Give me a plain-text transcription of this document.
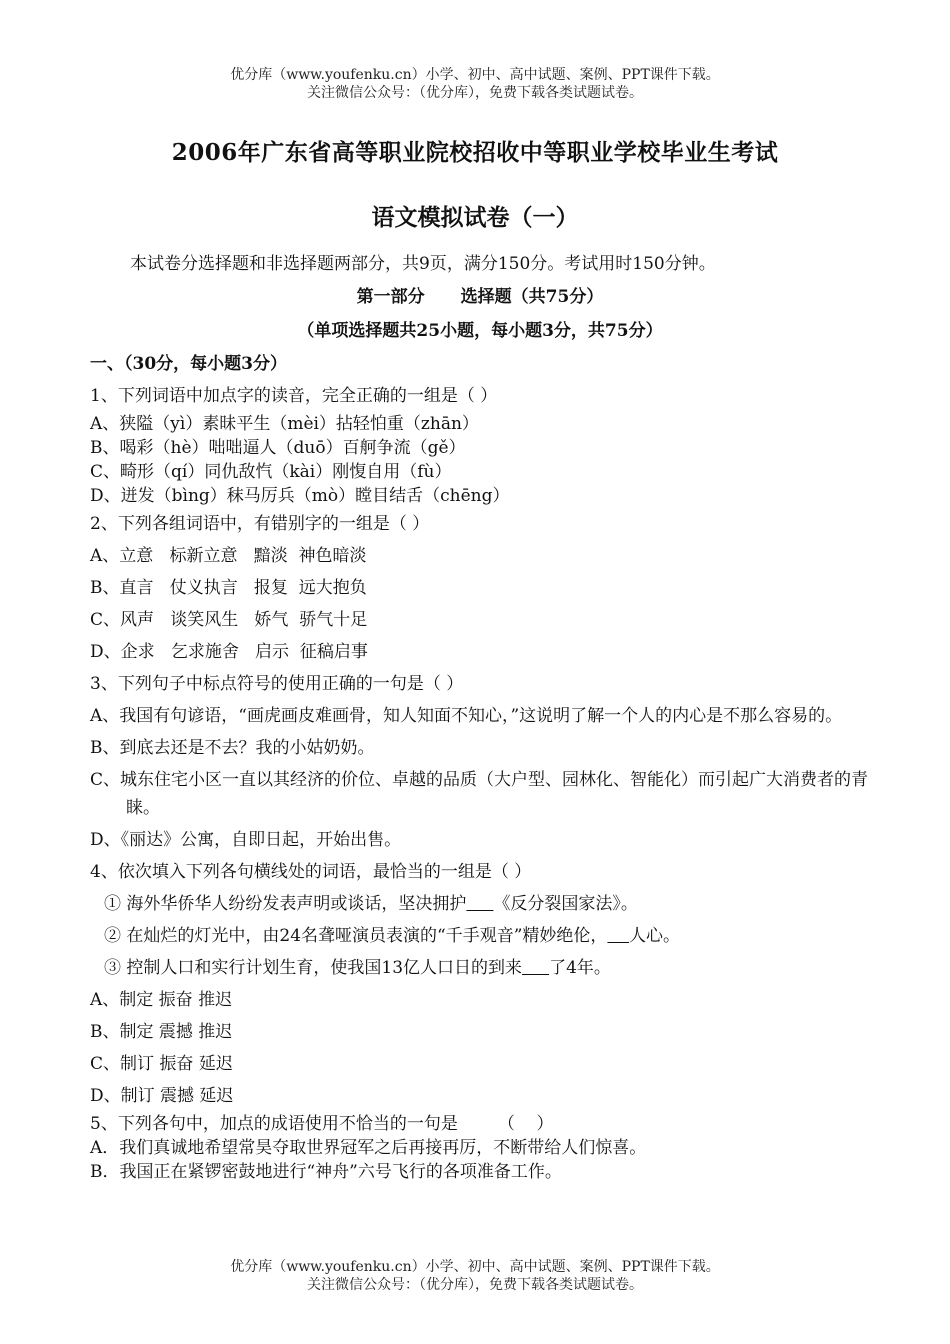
优分库（www.youfenku.cn）小学、初中、高中试题、案例、PPT课件下载。
关注微信公众号：（优分库），免费下载各类试题试卷。
2006年广东省高等职业院校招收中等职业学校毕业生考试
语文模拟试卷（一）
本试卷分选择题和非选择题两部分，共9页，满分150分。考试用时150分钟。
第一部分 选择题（共75分）
（单项选择题共25小题，每小题3分，共75分）
一、（30分，每小题3分）
1、下列词语中加点字的读音，完全正确的一组是（ ）
A、狭隘（yì）素昧平生（mèi）拈轻怕重（zhān）
B、喝彩（hè）咄咄逼人（duō）百舸争流（gě）
C、畸形（qí）同仇敌忾（kài）刚愎自用（fù）
D、迸发（bìng）秣马厉兵（mò）瞠目结舌（chēng）
2、下列各组词语中，有错别字的一组是（ ）
A、立意   标新立意   黯淡  神色暗淡
B、直言   仗义执言   报复  远大抱负
C、风声   谈笑风生   娇气  骄气十足
D、企求   乞求施舍   启示  征稿启事
3、下列句子中标点符号的使用正确的一句是（ ）
A、我国有句谚语，“画虎画皮难画骨，知人知面不知心，”这说明了解一个人的内心是不那么容易的。
B、到底去还是不去？我的小姑奶奶。
C、城东住宅小区一直以其经济的价位、卓越的品质（大户型、园林化、智能化）而引起广大消费者的青睐。
D、《丽达》公寓，自即日起，开始出售。
4、依次填入下列各句横线处的词语，最恰当的一组是（ ）
① 海外华侨华人纷纷发表声明或谈话，坚决拥护 《反分裂国家法》。
② 在灿烂的灯光中，由24名聋哑演员表演的“千手观音”精妙绝伦， 人心。
③ 控制人口和实行计划生育，使我国13亿人口日的到来 了4年。
A、制定 振奋 推迟
B、制定 震撼 推迟
C、制订 振奋 延迟
D、制订 震撼 延迟
5、下列各句中，加点的成语使用不恰当的一句是 （    ）
A．我们真诚地希望常昊夺取世界冠军之后再接再厉，不断带给人们惊喜。
B．我国正在紧锣密鼓地进行“神舟”六号飞行的各项准备工作。
优分库（www.youfenku.cn）小学、初中、高中试题、案例、PPT课件下载。
关注微信公众号：（优分库），免费下载各类试题试卷。
